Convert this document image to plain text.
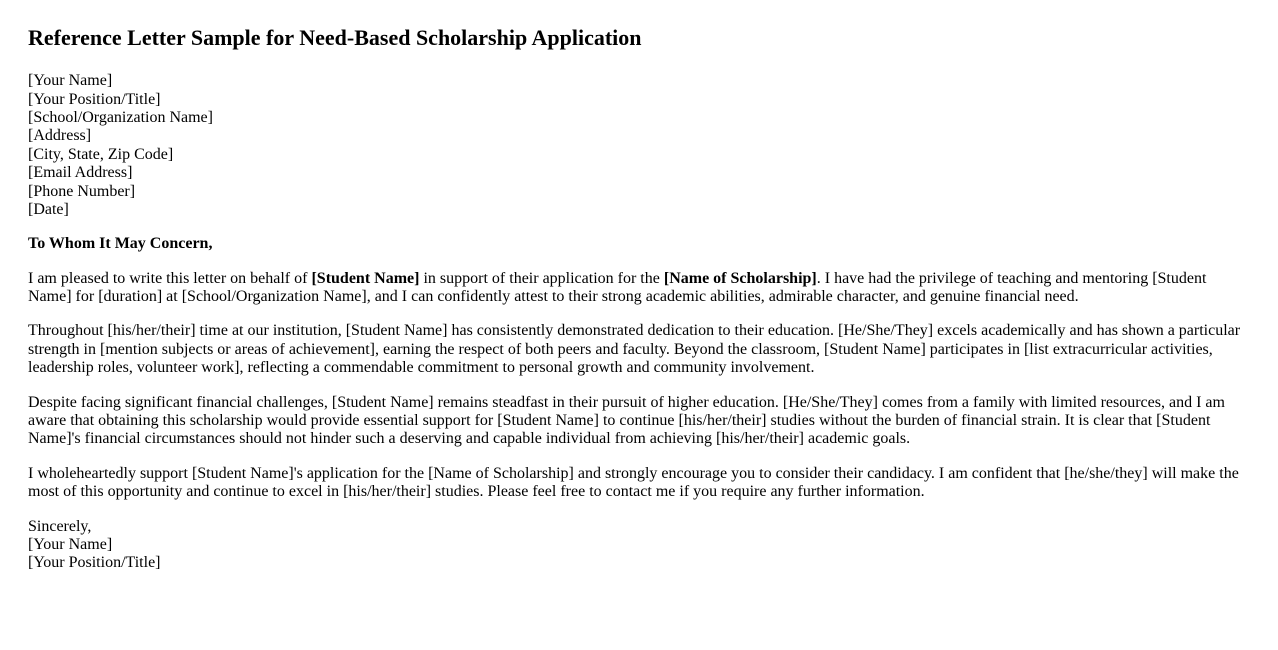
Reference Letter Sample for Need-Based Scholarship Application

[Your Name]
[Your Position/Title]
[School/Organization Name]
[Address]
[City, State, Zip Code]
[Email Address]
[Phone Number]
[Date]

To Whom It May Concern,

I am pleased to write this letter on behalf of [Student Name] in support of their application for the [Name of Scholarship]. I have had the privilege of teaching and mentoring [Student Name] for [duration] at [School/Organization Name], and I can confidently attest to their strong academic abilities, admirable character, and genuine financial need.

Throughout [his/her/their] time at our institution, [Student Name] has consistently demonstrated dedication to their education. [He/She/They] excels academically and has shown a particular strength in [mention subjects or areas of achievement], earning the respect of both peers and faculty. Beyond the classroom, [Student Name] participates in [list extracurricular activities, leadership roles, volunteer work], reflecting a commendable commitment to personal growth and community involvement.

Despite facing significant financial challenges, [Student Name] remains steadfast in their pursuit of higher education. [He/She/They] comes from a family with limited resources, and I am aware that obtaining this scholarship would provide essential support for [Student Name] to continue [his/her/their] studies without the burden of financial strain. It is clear that [Student Name]'s financial circumstances should not hinder such a deserving and capable individual from achieving [his/her/their] academic goals.

I wholeheartedly support [Student Name]'s application for the [Name of Scholarship] and strongly encourage you to consider their candidacy. I am confident that [he/she/they] will make the most of this opportunity and continue to excel in [his/her/their] studies. Please feel free to contact me if you require any further information.

Sincerely,
[Your Name]
[Your Position/Title]
